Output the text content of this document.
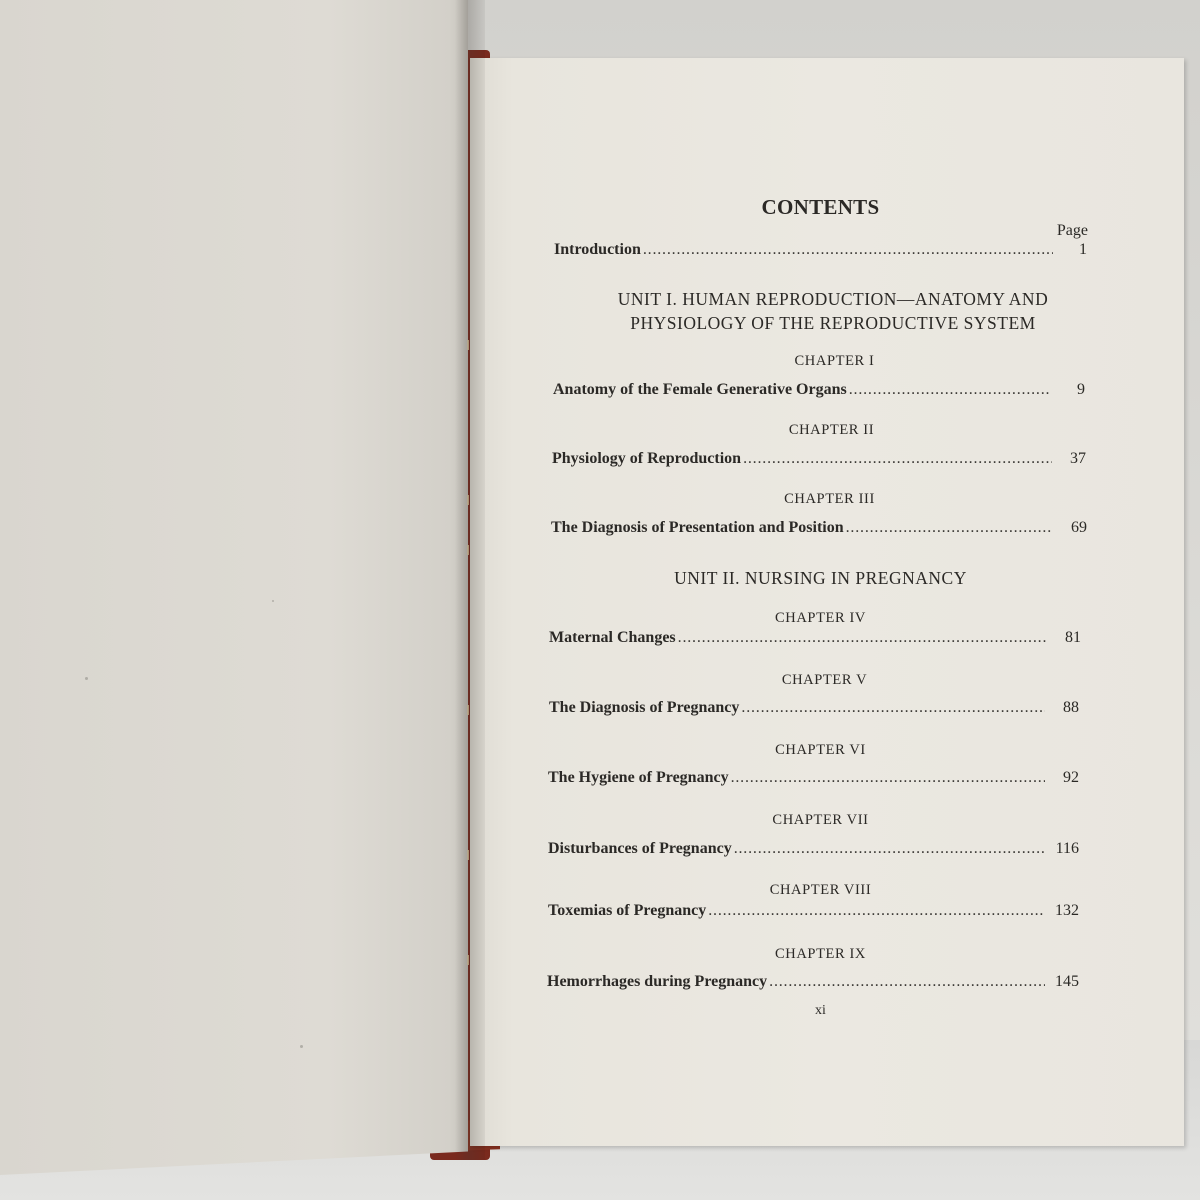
CONTENTS
Page
Introduction . . .	1
UNIT I. HUMAN REPRODUCTION—ANATOMY AND
PHYSIOLOGY OF THE REPRODUCTIVE SYSTEM
CHAPTER I
Anatomy of the Female Generative Organs . . .	9
CHAPTER II
Physiology of Reproduction . . .	37
CHAPTER III
The Diagnosis of Presentation and Position . . .	69
UNIT II. NURSING IN PREGNANCY
CHAPTER IV
Maternal Changes . . .	81
CHAPTER V
The Diagnosis of Pregnancy . . .	88
CHAPTER VI
The Hygiene of Pregnancy . . .	92
CHAPTER VII
Disturbances of Pregnancy . . .	116
CHAPTER VIII
Toxemias of Pregnancy . . .	132
CHAPTER IX
Hemorrhages during Pregnancy . . .	145
xi
